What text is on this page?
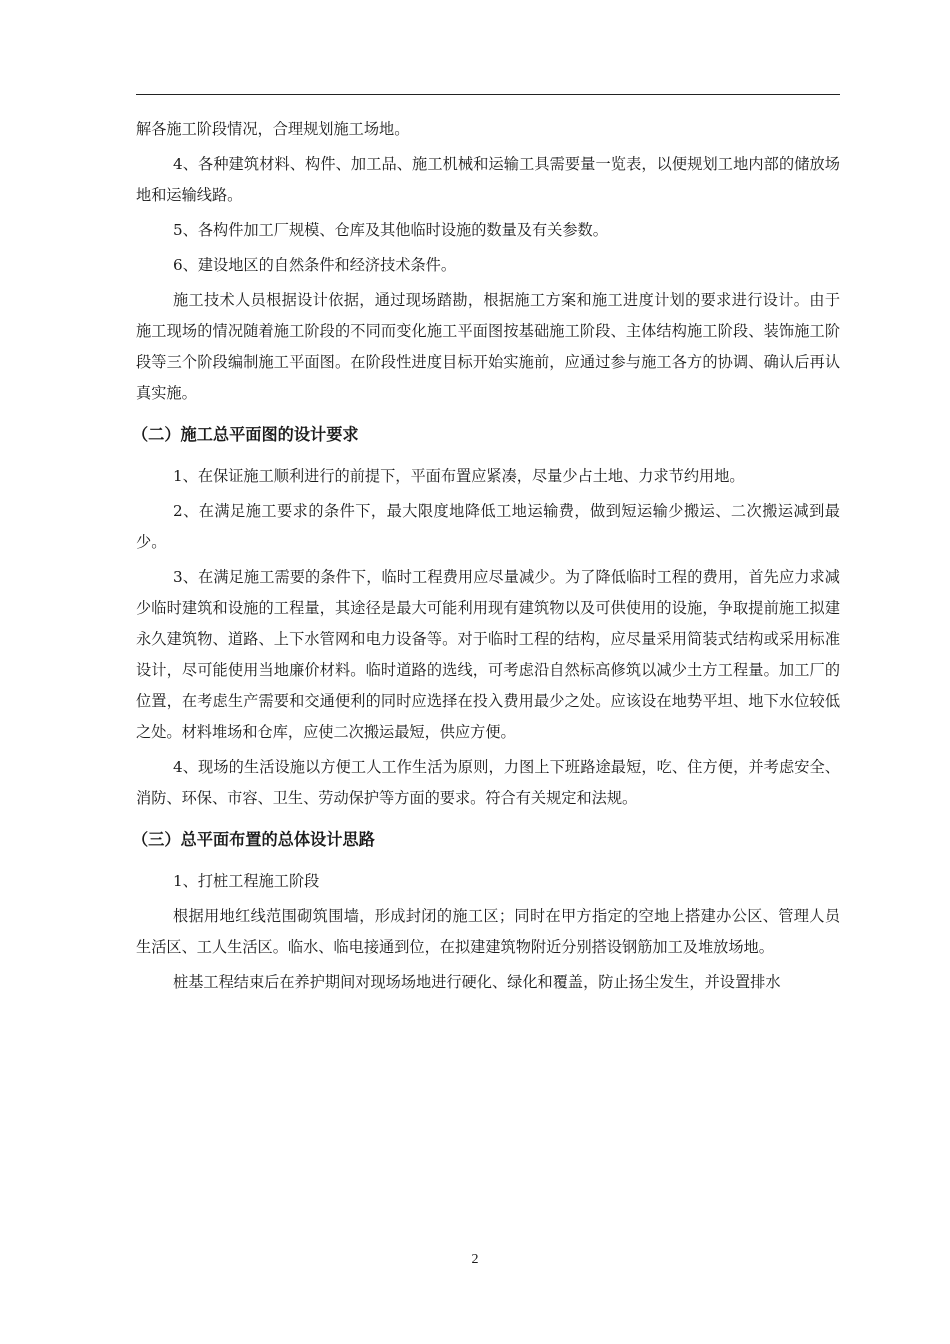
解各施工阶段情况，合理规划施工场地。

4、各种建筑材料、构件、加工品、施工机械和运输工具需要量一览表，以便规划工地内部的储放场地和运输线路。

5、各构件加工厂规模、仓库及其他临时设施的数量及有关参数。

6、建设地区的自然条件和经济技术条件。

施工技术人员根据设计依据，通过现场踏勘，根据施工方案和施工进度计划的要求进行设计。由于施工现场的情况随着施工阶段的不同而变化施工平面图按基础施工阶段、主体结构施工阶段、装饰施工阶段等三个阶段编制施工平面图。在阶段性进度目标开始实施前，应通过参与施工各方的协调、确认后再认真实施。

（二）施工总平面图的设计要求

1、在保证施工顺利进行的前提下，平面布置应紧凑，尽量少占土地、力求节约用地。

2、在满足施工要求的条件下，最大限度地降低工地运输费，做到短运输少搬运、二次搬运减到最少。

3、在满足施工需要的条件下，临时工程费用应尽量减少。为了降低临时工程的费用，首先应力求减少临时建筑和设施的工程量，其途径是最大可能利用现有建筑物以及可供使用的设施，争取提前施工拟建永久建筑物、道路、上下水管网和电力设备等。对于临时工程的结构，应尽量采用简装式结构或采用标准设计，尽可能使用当地廉价材料。临时道路的选线，可考虑沿自然标高修筑以减少土方工程量。加工厂的位置，在考虑生产需要和交通便利的同时应选择在投入费用最少之处。应该设在地势平坦、地下水位较低之处。材料堆场和仓库，应使二次搬运最短，供应方便。

4、现场的生活设施以方便工人工作生活为原则，力图上下班路途最短，吃、住方便，并考虑安全、消防、环保、市容、卫生、劳动保护等方面的要求。符合有关规定和法规。

（三）总平面布置的总体设计思路

1、打桩工程施工阶段

根据用地红线范围砌筑围墙，形成封闭的施工区；同时在甲方指定的空地上搭建办公区、管理人员生活区、工人生活区。临水、临电接通到位，在拟建建筑物附近分别搭设钢筋加工及堆放场地。

桩基工程结束后在养护期间对现场场地进行硬化、绿化和覆盖，防止扬尘发生，并设置排水

2
